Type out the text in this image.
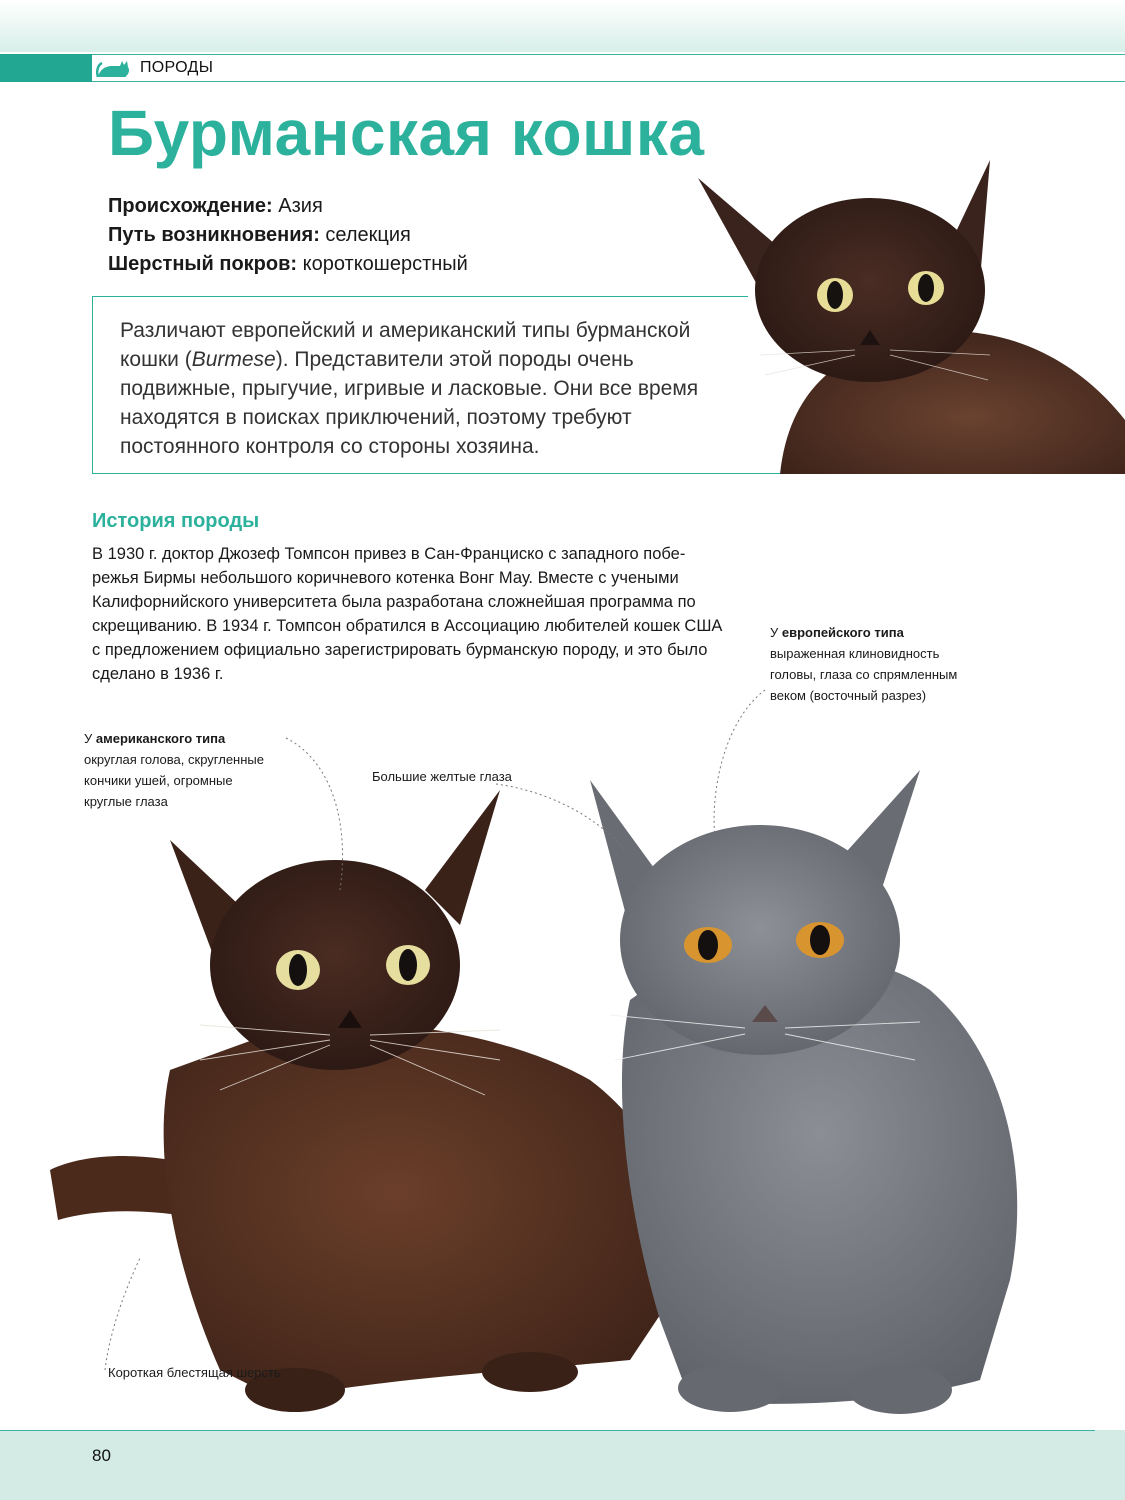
ПОРОДЫ
Бурманская кошка
Происхождение: Азия
Путь возникновения: селекция
Шерстный покров: короткошерстный

Различают европейский и американский типы бурманской кошки (Burmese). Представители этой породы очень подвижные, прыгучие, игривые и ласковые. Они все время находятся в поисках приключений, поэтому требуют постоянного контроля со стороны хозяина.

История породы

В 1930 г. доктор Джозеф Томпсон привез в Сан-Франциско с западного побе-режья Бирмы небольшого коричневого котенка Вонг Мау. Вместе с учеными Калифорнийского университета была разработана сложнейшая программа по скрещиванию. В 1934 г. Томпсон обратился в Ассоциацию любителей кошек США с предложением официально зарегистрировать бурманскую породу, и это было сделано в 1936 г.

У американского типа
округлая голова, скругленные кончики ушей, огромные круглые глаза
У европейского типа
выраженная клиновидность головы, глаза со спрямленным веком (восточный разрез)
Большие желтые глаза
Короткая блестящая шерсть
80
